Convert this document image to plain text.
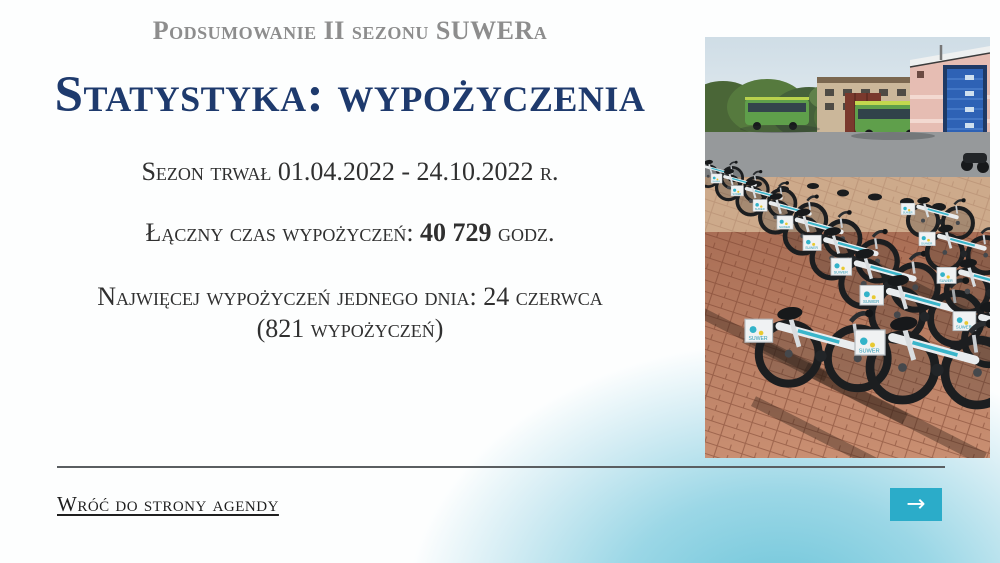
Podsumowanie II sezonu SUWERa
Statystyka: wypożyczenia
Sezon trwał 01.04.2022 - 24.10.2022 r.
Łączny czas wypożyczeń: 40 729 godz.
Najwięcej wypożyczeń jednego dnia: 24 czerwca
(821 wypożyczeń)
Wróć do strony agendy	→
